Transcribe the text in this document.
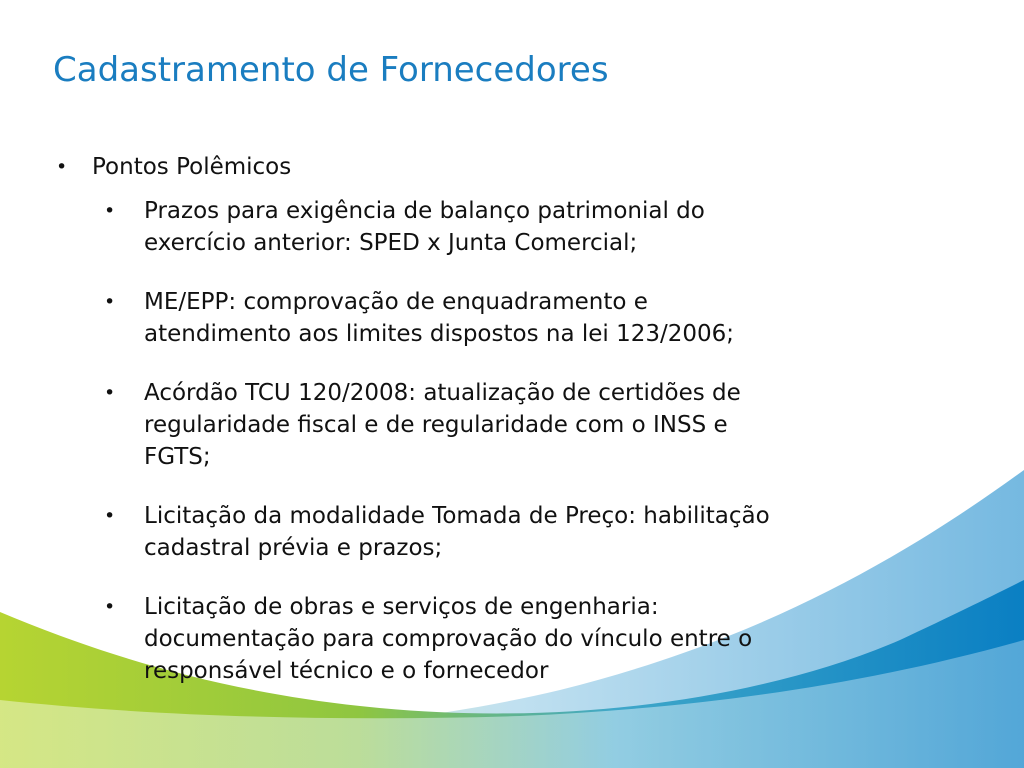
Cadastramento de Fornecedores
• Pontos Polêmicos
• Prazos para exigência de balanço patrimonial do
exercício anterior: SPED x Junta Comercial;
• ME/EPP: comprovação de enquadramento e
atendimento aos limites dispostos na lei 123/2006;
• Acórdão TCU 120/2008: atualização de certidões de
regularidade fiscal e de regularidade com o INSS e
FGTS;
• Licitação da modalidade Tomada de Preço: habilitação
cadastral prévia e prazos;
• Licitação de obras e serviços de engenharia:
documentação para comprovação do vínculo entre o
responsável técnico e o fornecedor
